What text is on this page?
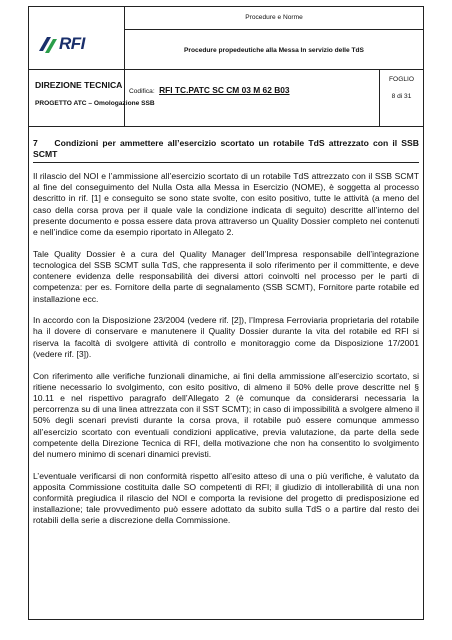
RFI
Procedure e Norme
Procedure propedeutiche alla Messa In servizio delle TdS
DIREZIONE TECNICA
PROGETTO ATC – Omologazione SSB
Codifica: RFI TC.PATC SC CM 03 M 62 B03
FOGLIO
8 di 31
7 Condizioni per ammettere all’esercizio scortato un rotabile TdS attrezzato con il SSB SCMT

Il rilascio del NOI e l’ammissione all’esercizio scortato di un rotabile TdS attrezzato con il SSB SCMT al fine del conseguimento del Nulla Osta alla Messa in Esercizio (NOME), è soggetta al processo descritto in rif. [1] e conseguito se sono state svolte, con esito positivo, tutte le attività (a meno del caso della corsa prova per il quale vale la condizione indicata di seguito) descritte all’interno del presente documento e possa essere data prova attraverso un Quality Dossier completo nei contenuti e nell’indice come da esempio riportato in Allegato 2.

Tale Quality Dossier è a cura del Quality Manager dell’Impresa responsabile dell’integrazione tecnologica del SSB SCMT sulla TdS, che rappresenta il solo riferimento per il committente, e deve contenere evidenza delle responsabilità dei diversi attori coinvolti nel processo per le parti di competenza: per es. Fornitore della parte di segnalamento (SSB SCMT), Fornitore parte rotabile ed installazione ecc.

In accordo con la Disposizione 23/2004 (vedere rif. [2]), l’Impresa Ferroviaria proprietaria del rotabile ha il dovere di conservare e manutenere il Quality Dossier durante la vita del rotabile ed RFI si riserva la facoltà di svolgere attività di controllo e monitoraggio come da Disposizione 17/2001 (vedere rif. [3]).

Con riferimento alle verifiche funzionali dinamiche, ai fini della ammissione all’esercizio scortato, si ritiene necessario lo svolgimento, con esito positivo, di almeno il 50% delle prove descritte nel § 10.11 e nel rispettivo paragrafo dell’Allegato 2 (è comunque da considerarsi necessaria la percorrenza su di una linea attrezzata con il SST SCMT); in caso di impossibilità a svolgere almeno il 50% degli scenari previsti durante la corsa prova, il rotabile può essere comunque ammesso all’esercizio scortato con eventuali condizioni applicative, previa valutazione, da parte della sede competente della Direzione Tecnica di RFI, della motivazione che non ha consentito lo svolgimento del numero minimo di scenari dinamici previsti.

L’eventuale verificarsi di non conformità rispetto all’esito atteso di una o più verifiche, è valutato da apposita Commissione costituita dalle SO competenti di RFI; il giudizio di intollerabilità di una non conformità pregiudica il rilascio del NOI e comporta la revisione del progetto di predisposizione ed installazione; tale provvedimento può essere adottato da subito sulla TdS o a partire dal resto dei rotabili della serie a discrezione della Commissione.
